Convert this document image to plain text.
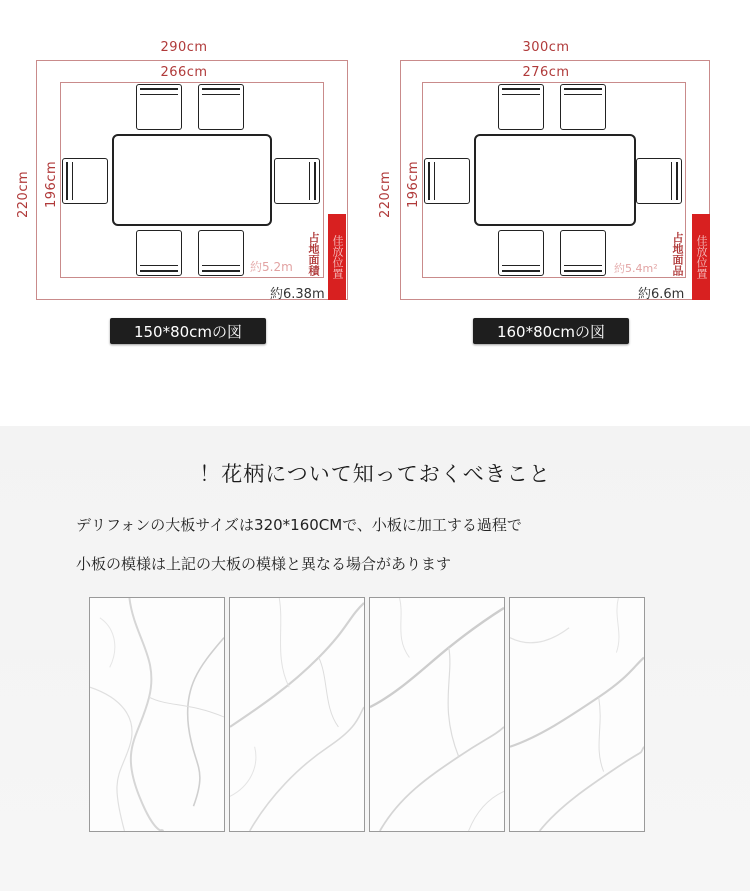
290cm
266cm
220cm 196cm
約5.2m
約6.38m
占地面積 佳放位置
150*80cmの図
300cm
276cm
220cm 196cm
約5.4m²
約6.6m
占地面品 佳放位置
160*80cmの図
！花柄について知っておくべきこと
デリフォンの大板サイズは320*160CMで、小板に加工する過程で
小板の模様は上記の大板の模様と異なる場合があります
